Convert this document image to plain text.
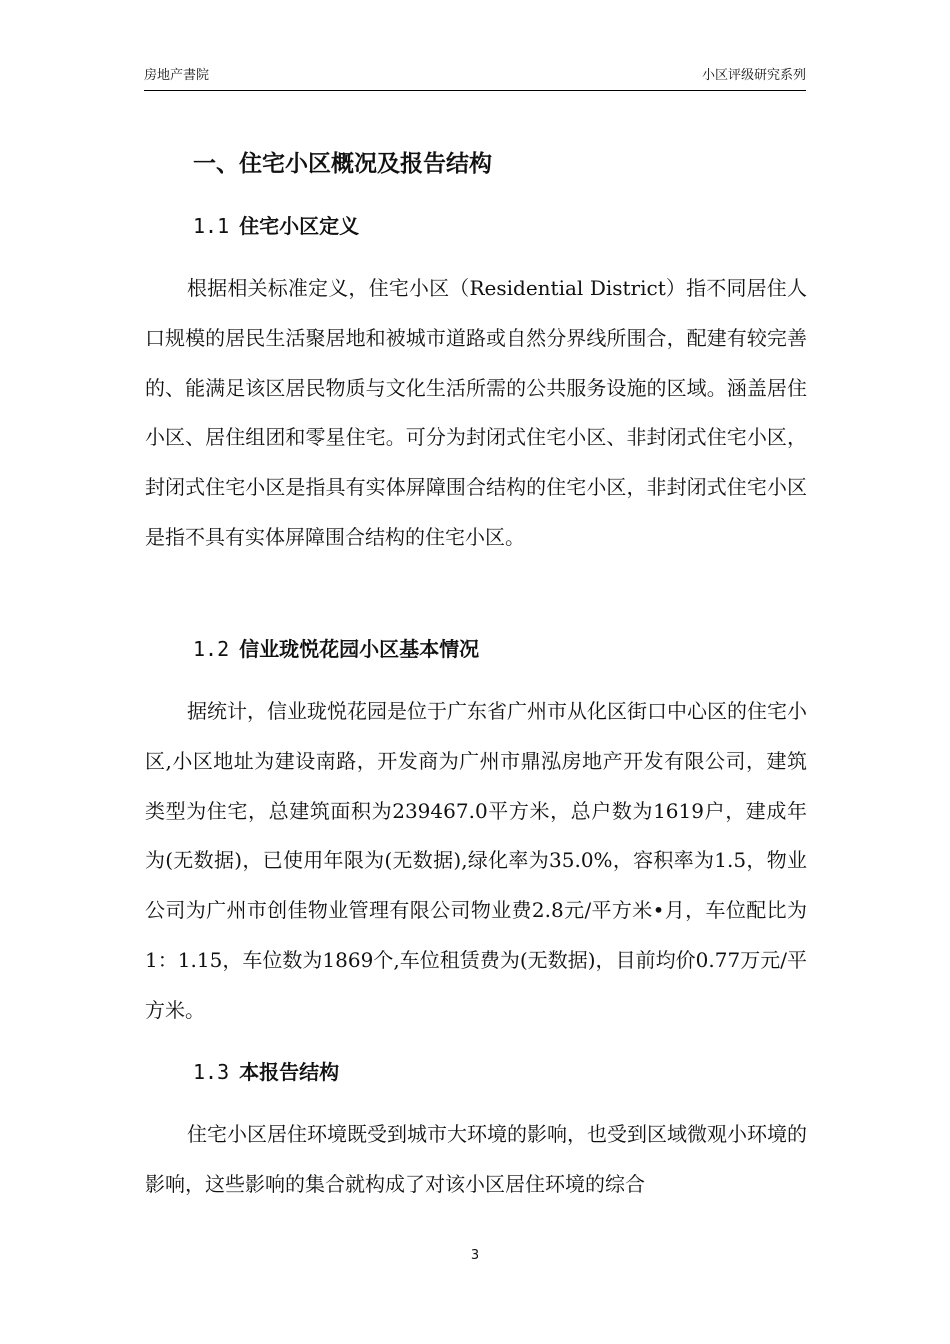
房地产書院	小区评级研究系列
一、住宅小区概况及报告结构
1.1 住宅小区定义

根据相关标准定义，住宅小区（Residential District）指不同居住人口规模的居民生活聚居地和被城市道路或自然分界线所围合，配建有较完善的、能满足该区居民物质与文化生活所需的公共服务设施的区域。涵盖居住小区、居住组团和零星住宅。可分为封闭式住宅小区、非封闭式住宅小区，封闭式住宅小区是指具有实体屏障围合结构的住宅小区，非封闭式住宅小区是指不具有实体屏障围合结构的住宅小区。

1.2 信业珑悦花园小区基本情况

据统计，信业珑悦花园是位于广东省广州市从化区街口中心区的住宅小区,小区地址为建设南路，开发商为广州市鼎泓房地产开发有限公司，建筑类型为住宅，总建筑面积为239467.0平方米，总户数为1619户，建成年为(无数据)，已使用年限为(无数据),绿化率为35.0%，容积率为1.5，物业公司为广州市创佳物业管理有限公司物业费2.8元/平方米•月，车位配比为1：1.15，车位数为1869个,车位租赁费为(无数据)，目前均价0.77万元/平方米。

1.3 本报告结构

住宅小区居住环境既受到城市大环境的影响，也受到区域微观小环境的影响，这些影响的集合就构成了对该小区居住环境的综合

3
